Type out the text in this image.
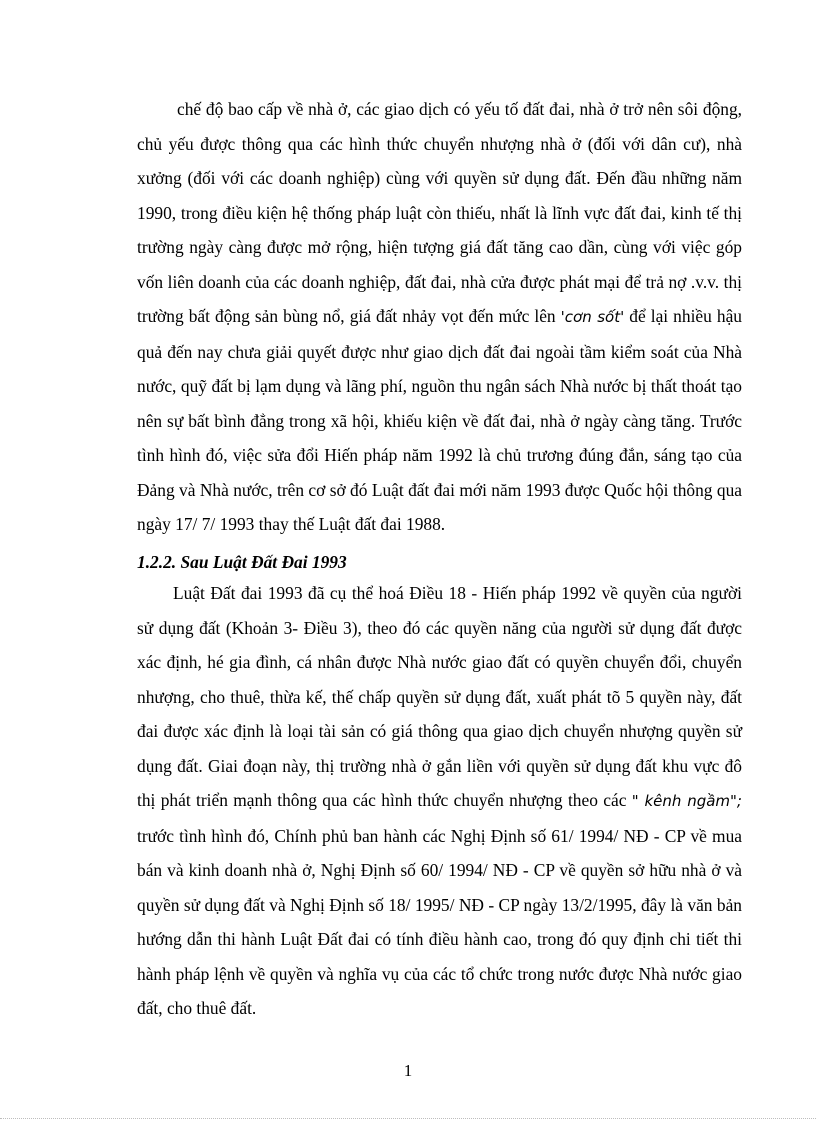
chế độ bao cấp về nhà ở, các giao dịch có yếu tố đất đai, nhà ở trở nên sôi động, chủ yếu được thông qua các hình thức chuyển nhượng nhà ở (đối với dân cư), nhà xưởng (đối với các doanh nghiệp) cùng với quyền sử dụng đất. Đến đầu những năm 1990, trong điều kiện hệ thống pháp luật còn thiếu, nhất là lĩnh vực đất đai, kinh tế thị trường ngày càng được mở rộng, hiện tượng giá đất tăng cao dần, cùng với việc góp vốn liên doanh của các doanh nghiệp, đất đai, nhà cửa được phát mại để trả nợ .v.v. thị trường bất động sản bùng nổ, giá đất nhảy vọt đến mức lên 'cơn sốt' để lại nhiều hậu quả đến nay chưa giải quyết được như giao dịch đất đai ngoài tầm kiểm soát của Nhà nước, quỹ đất bị lạm dụng và lãng phí, nguồn thu ngân sách Nhà nước bị thất thoát tạo nên sự bất bình đẳng trong xã hội, khiếu kiện về đất đai, nhà ở ngày càng tăng. Trước tình hình đó, việc sửa đổi Hiến pháp năm 1992 là chủ trương đúng đắn, sáng tạo của Đảng và Nhà nước, trên cơ sở đó Luật đất đai mới năm 1993 được Quốc hội thông qua ngày 17/ 7/ 1993 thay thế Luật đất đai 1988.
1.2.2. Sau Luật Đất Đai 1993
Luật Đất đai 1993 đã cụ thể hoá Điều 18 - Hiến pháp 1992 về quyền của người sử dụng đất (Khoản 3- Điều 3), theo đó các quyền năng của người sử dụng đất được xác định, hé gia đình, cá nhân được Nhà nước giao đất có quyền chuyển đổi, chuyển nhượng, cho thuê, thừa kế, thế chấp quyền sử dụng đất, xuất phát tõ 5 quyền này, đất đai được xác định là loại tài sản có giá thông qua giao dịch chuyển nhượng quyền sử dụng đất. Giai đoạn này, thị trường nhà ở gắn liền với quyền sử dụng đất khu vực đô thị phát triển mạnh thông qua các hình thức chuyển nhượng theo các " kênh ngầm"; trước tình hình đó, Chính phủ ban hành các Nghị Định số 61/ 1994/ NĐ - CP về mua bán và kinh doanh nhà ở, Nghị Định số 60/ 1994/ NĐ - CP về quyền sở hữu nhà ở và quyền sử dụng đất và Nghị Định số 18/ 1995/ NĐ - CP ngày 13/2/1995, đây là văn bản hướng dẫn thi hành Luật Đất đai có tính điều hành cao, trong đó quy định chi tiết thi hành pháp lệnh về quyền và nghĩa vụ của các tổ chức trong nước được Nhà nước giao đất, cho thuê đất.
1
